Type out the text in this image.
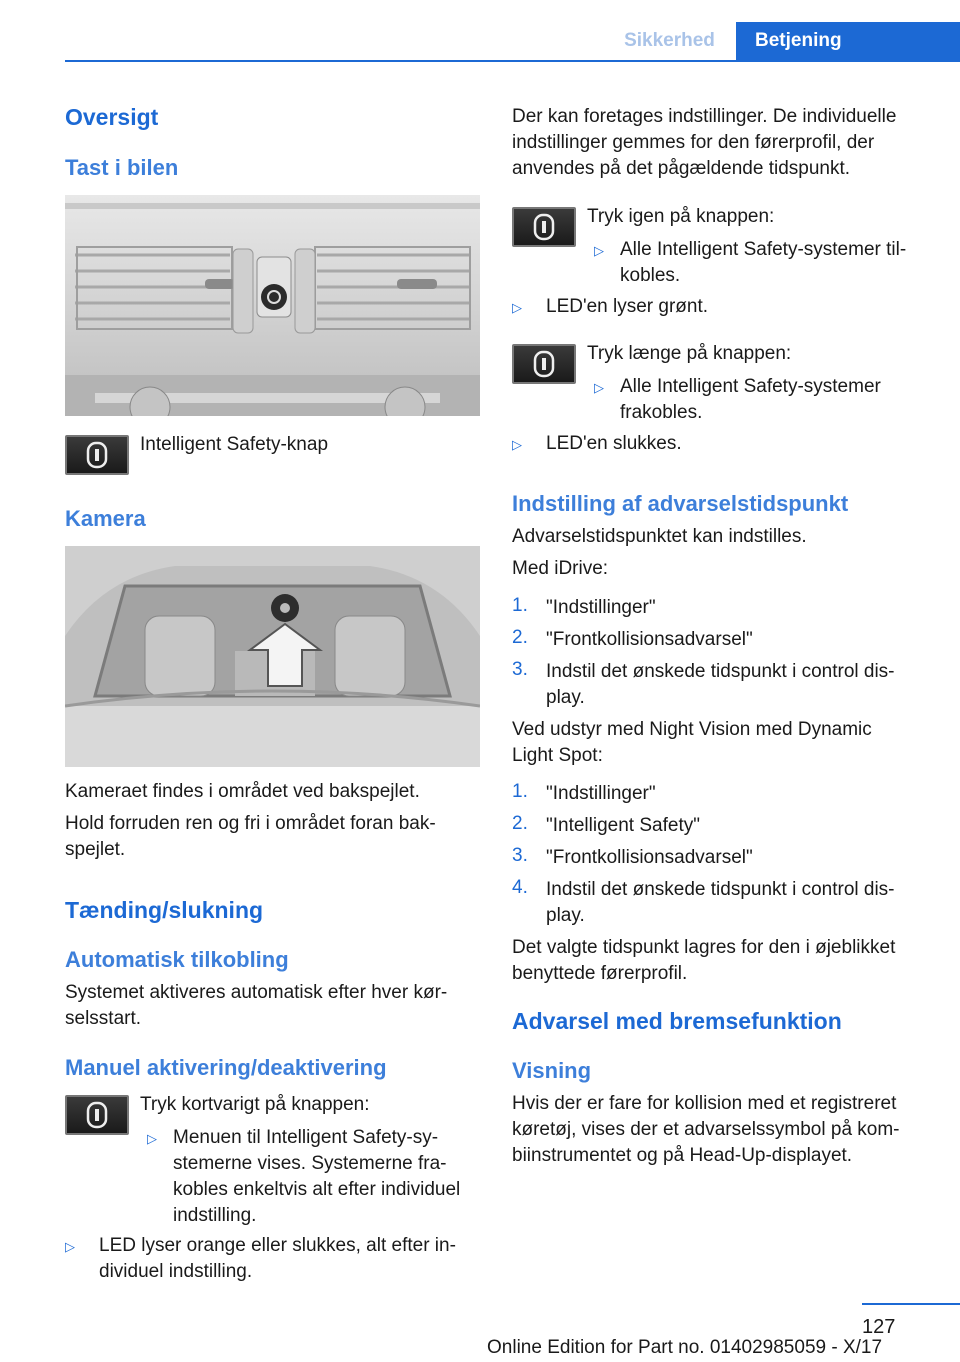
Sikkerhed	Betjening
Oversigt
Tast i bilen
Intelligent Safety-knap
Kamera
Kameraet findes i området ved bakspejlet.
Hold forruden ren og fri i området foran bak‐
spejlet.
Tænding/slukning
Automatisk tilkobling
Systemet aktiveres automatisk efter hver kør‐
selsstart.
Manuel aktivering/deaktivering
Tryk kortvarigt på knappen:
▷ Menuen til Intelligent Safety-sy‐
stemerne vises. Systemerne fra‐
kobles enkeltvis alt efter individuel
indstilling.
▷ LED lyser orange eller slukkes, alt efter in‐
dividuel indstilling.
Der kan foretages indstillinger. De individuelle
indstillinger gemmes for den førerprofil, der
anvendes på det pågældende tidspunkt.
Tryk igen på knappen:
▷ Alle Intelligent Safety-systemer til‐
kobles.
▷ LED'en lyser grønt.
Tryk længe på knappen:
▷ Alle Intelligent Safety-systemer
frakobles.
▷ LED'en slukkes.
Indstilling af advarselstidspunkt
Advarselstidspunktet kan indstilles.
Med iDrive:
1. "Indstillinger"
2. "Frontkollisionsadvarsel"
3. Indstil det ønskede tidspunkt i control dis‐
play.
Ved udstyr med Night Vision med Dynamic
Light Spot:
1. "Indstillinger"
2. "Intelligent Safety"
3. "Frontkollisionsadvarsel"
4. Indstil det ønskede tidspunkt i control dis‐
play.
Det valgte tidspunkt lagres for den i øjeblikket
benyttede førerprofil.
Advarsel med bremsefunktion
Visning
Hvis der er fare for kollision med et registreret
køretøj, vises der et advarselssymbol på kom‐
biinstrumentet og på Head-Up-displayet.
127
Online Edition for Part no. 01402985059 - X/17
